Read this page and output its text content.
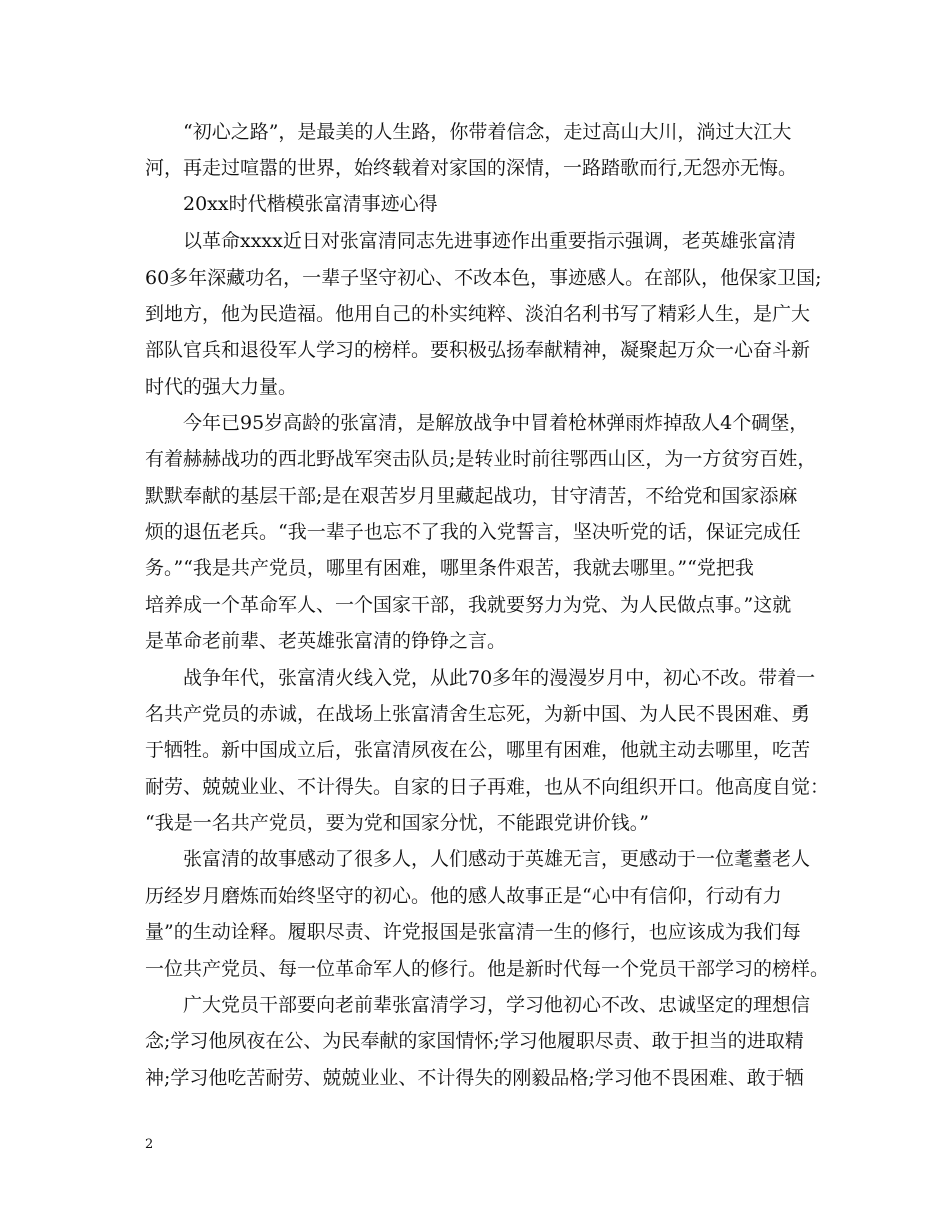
　　“初心之路”，是最美的人生路，你带着信念，走过高山大川，淌过大江大
河，再走过喧嚣的世界，始终载着对家国的深情，一路踏歌而行,无怨亦无悔。
　　20xx时代楷模张富清事迹心得
　　以革命xxxx近日对张富清同志先进事迹作出重要指示强调，老英雄张富清
60多年深藏功名，一辈子坚守初心、不改本色，事迹感人。在部队，他保家卫国;
到地方，他为民造福。他用自己的朴实纯粹、淡泊名利书写了精彩人生，是广大
部队官兵和退役军人学习的榜样。要积极弘扬奉献精神，凝聚起万众一心奋斗新
时代的强大力量。
　　今年已95岁高龄的张富清，是解放战争中冒着枪林弹雨炸掉敌人4个碉堡，
有着赫赫战功的西北野战军突击队员;是转业时前往鄂西山区，为一方贫穷百姓，
默默奉献的基层干部;是在艰苦岁月里藏起战功，甘守清苦，不给党和国家添麻
烦的退伍老兵。“我一辈子也忘不了我的入党誓言，坚决听党的话，保证完成任
务。”“我是共产党员，哪里有困难，哪里条件艰苦，我就去哪里。”“党把我
培养成一个革命军人、一个国家干部，我就要努力为党、为人民做点事。”这就
是革命老前辈、老英雄张富清的铮铮之言。
　　战争年代，张富清火线入党，从此70多年的漫漫岁月中，初心不改。带着一
名共产党员的赤诚，在战场上张富清舍生忘死，为新中国、为人民不畏困难、勇
于牺牲。新中国成立后，张富清夙夜在公，哪里有困难，他就主动去哪里，吃苦
耐劳、兢兢业业、不计得失。自家的日子再难，也从不向组织开口。他高度自觉：
“我是一名共产党员，要为党和国家分忧，不能跟党讲价钱。”
　　张富清的故事感动了很多人，人们感动于英雄无言，更感动于一位耄耋老人
历经岁月磨炼而始终坚守的初心。他的感人故事正是“心中有信仰，行动有力
量”的生动诠释。履职尽责、许党报国是张富清一生的修行，也应该成为我们每
一位共产党员、每一位革命军人的修行。他是新时代每一个党员干部学习的榜样。
　　广大党员干部要向老前辈张富清学习，学习他初心不改、忠诚坚定的理想信
念;学习他夙夜在公、为民奉献的家国情怀;学习他履职尽责、敢于担当的进取精
神;学习他吃苦耐劳、兢兢业业、不计得失的刚毅品格;学习他不畏困难、敢于牺
2
